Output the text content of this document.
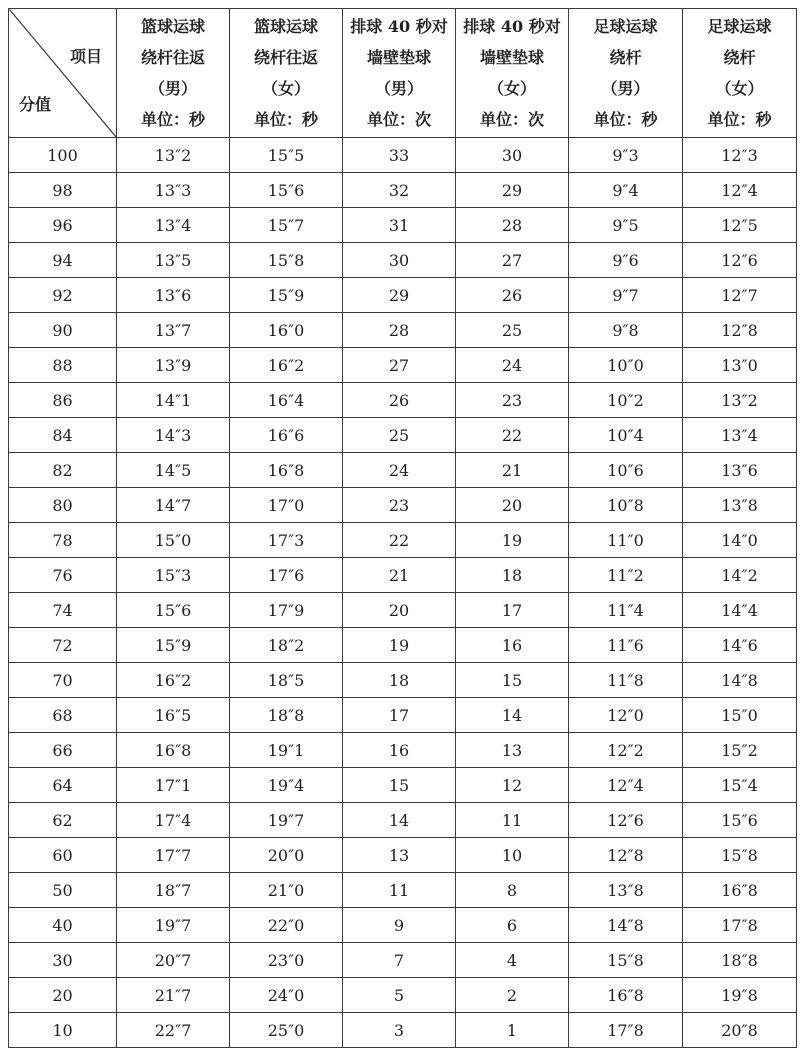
项目
分值	篮球运球
绕杆往返
（男）
单位：秒	篮球运球
绕杆往返
（女）
单位：秒	排球 40 秒对
墙壁垫球
（男）
单位：次	排球 40 秒对
墙壁垫球
（女）
单位：次	足球运球
绕杆
（男）
单位：秒	足球运球
绕杆
（女）
单位：秒

100	13″2	15″5	33	30	9″3	12″3
98	13″3	15″6	32	29	9″4	12″4
96	13″4	15″7	31	28	9″5	12″5
94	13″5	15″8	30	27	9″6	12″6
92	13″6	15″9	29	26	9″7	12″7
90	13″7	16″0	28	25	9″8	12″8
88	13″9	16″2	27	24	10″0	13″0
86	14″1	16″4	26	23	10″2	13″2
84	14″3	16″6	25	22	10″4	13″4
82	14″5	16″8	24	21	10″6	13″6
80	14″7	17″0	23	20	10″8	13″8
78	15″0	17″3	22	19	11″0	14″0
76	15″3	17″6	21	18	11″2	14″2
74	15″6	17″9	20	17	11″4	14″4
72	15″9	18″2	19	16	11″6	14″6
70	16″2	18″5	18	15	11″8	14″8
68	16″5	18″8	17	14	12″0	15″0
66	16″8	19″1	16	13	12″2	15″2
64	17″1	19″4	15	12	12″4	15″4
62	17″4	19″7	14	11	12″6	15″6
60	17″7	20″0	13	10	12″8	15″8
50	18″7	21″0	11	8	13″8	16″8
40	19″7	22″0	9	6	14″8	17″8
30	20″7	23″0	7	4	15″8	18″8
20	21″7	24″0	5	2	16″8	19″8
10	22″7	25″0	3	1	17″8	20″8
